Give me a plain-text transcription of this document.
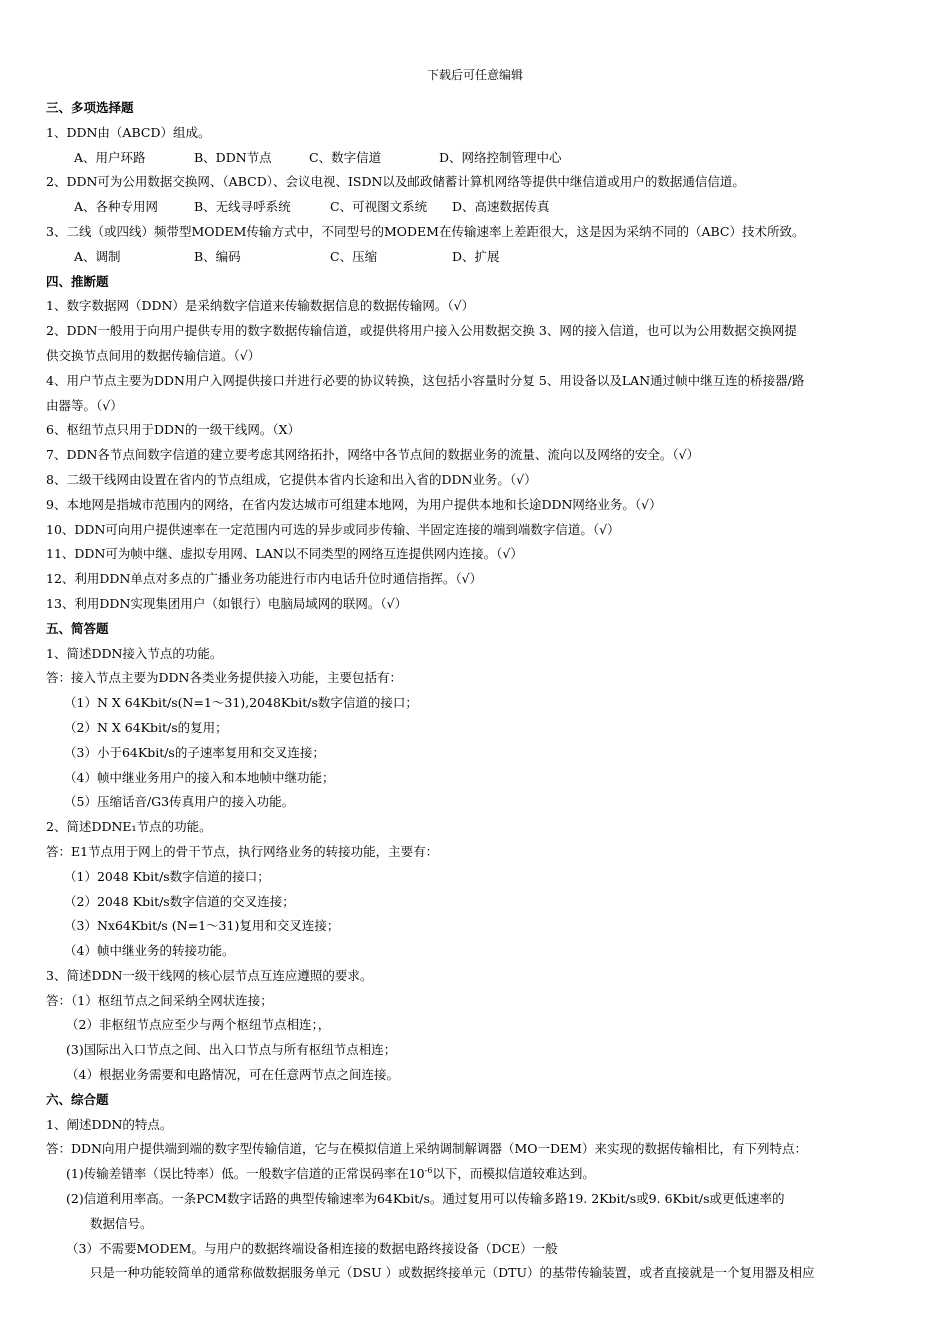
下载后可任意编辑
三、多项选择题
1、DDN由（ABCD）组成。
A、用户环路	B、DDN节点	C、数字信道	D、网络控制管理中心
2、DDN可为公用数据交换网、（ABCD）、会议电视、ISDN以及邮政储蓄计算机网络等提供中继信道或用户的数据通信信道。
A、各种专用网	B、无线寻呼系统	C、可视图文系统 D、高速数据传真
3、二线（或四线）频带型MODEM传输方式中，不同型号的MODEM在传输速率上差距很大，这是因为采纳不同的（ABC）技术所致。
A、调制	B、编码	C、压缩	D、扩展
四、推断题
1、数字数据网（DDN）是采纳数字信道来传输数据信息的数据传输网。（√）
2、DDN一般用于向用户提供专用的数字数据传输信道，或提供将用户接入公用数据交换 3、网的接入信道，也可以为公用数据交换网提
供交换节点间用的数据传输信道。（√）
4、用户节点主要为DDN用户入网提供接口并进行必要的协议转换，这包括小容量时分复 5、用设备以及LAN通过帧中继互连的桥接器/路
由器等。（√）
6、枢纽节点只用于DDN的一级干线网。（X）
7、DDN各节点间数字信道的建立要考虑其网络拓扑，网络中各节点间的数据业务的流量、流向以及网络的安全。（√）
8、二级干线网由设置在省内的节点组成，它提供本省内长途和出入省的DDN业务。（√）
9、本地网是指城市范围内的网络，在省内发达城市可组建本地网，为用户提供本地和长途DDN网络业务。（√）
10、DDN可向用户提供速率在一定范围内可选的异步或同步传输、半固定连接的端到端数字信道。（√）
11、DDN可为帧中继、虚拟专用网、LAN以不同类型的网络互连提供网内连接。（√）
12、利用DDN单点对多点的广播业务功能进行市内电话升位时通信指挥。（√）
13、利用DDN实现集团用户（如银行）电脑局域网的联网。（√）
五、简答题
1、简述DDN接入节点的功能。
答：接入节点主要为DDN各类业务提供接入功能，主要包括有：
（1）N X 64Kbit/s(N=1～31),2048Kbit/s数字信道的接口；
（2）N X 64Kbit/s的复用；
（3）小于64Kbit/s的子速率复用和交叉连接；
（4）帧中继业务用户的接入和本地帧中继功能；
（5）压缩话音/G3传真用户的接入功能。
2、简述DDNE₁节点的功能。
答：E1节点用于网上的骨干节点，执行网络业务的转接功能，主要有：
（1）2048 Kbit/s数字信道的接口；
（2）2048 Kbit/s数字信道的交叉连接；
（3）Nx64Kbit/s (N=1～31)复用和交叉连接；
（4）帧中继业务的转接功能。
3、简述DDN一级干线网的核心层节点互连应遵照的要求。
答：（1）枢纽节点之间采纳全网状连接；
（2）非枢纽节点应至少与两个枢纽节点相连；，
(3)国际出入口节点之间、出入口节点与所有枢纽节点相连；
（4）根据业务需要和电路情况，可在任意两节点之间连接。
六、综合题
1、阐述DDN的特点。
答：DDN向用户提供端到端的数字型传输信道，它与在模拟信道上采纳调制解调器（MO一DEM）来实现的数据传输相比，有下列特点：
(1)传输差错率（误比特率）低。一般数字信道的正常误码率在$10^{-6}$以下，而模拟信道较难达到。
(2)信道利用率高。一条PCM数字话路的典型传输速率为64Kbit/s。通过复用可以传输多路19. 2Kbit/s或9. 6Kbit/s或更低速率的
数据信号。
（3）不需要MODEM。与用户的数据终端设备相连接的数据电路终接设备（DCE）一般
只是一种功能较简单的通常称做数据服务单元（DSU ）或数据终接单元（DTU）的基带传输装置，或者直接就是一个复用器及相应
